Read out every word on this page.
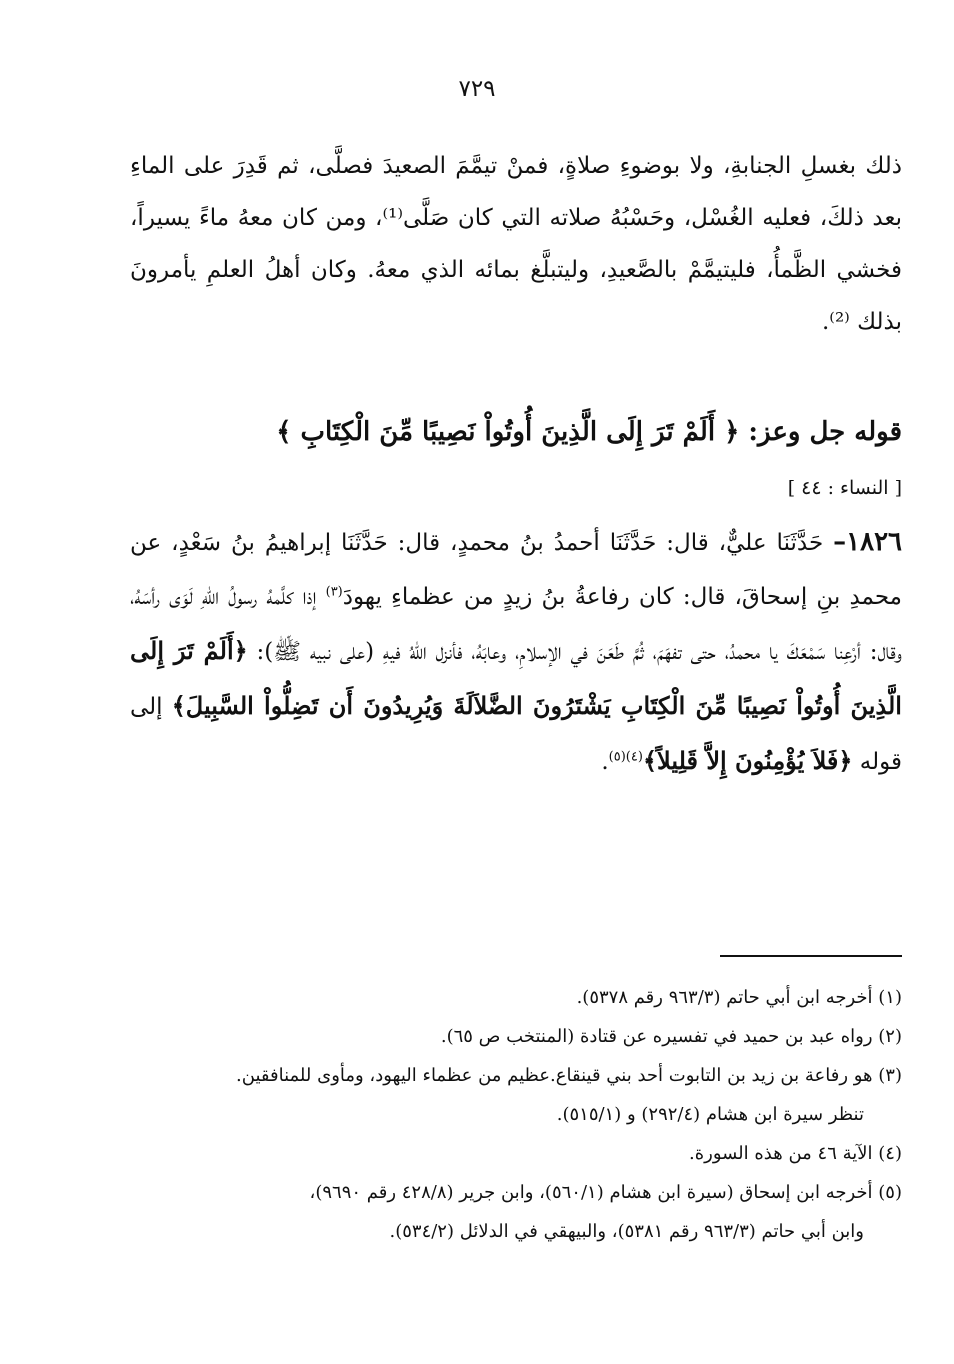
٧٢٩
ذلك بغسلِ الجنابةِ، ولا بوضوءِ صلاةٍ، فمنْ تيمَّمَ الصعيدَ فصلَّى، ثم قَدِرَ على الماءِ بعد ذلكَ، فعليه الغُسْل، وحَسْبُهُ صلاته التي كان صَلَّى⁽¹⁾، ومن كان معهُ ماءً يسيراً، فخشي الظَّمأُ، فليتيمَّمْ بالصَّعيدِ، وليتبلَّغ بمائه الذي معهُ. وكان أهلُ العلمِ يأمرونَ بذلك ⁽²⁾.
قوله جل وعز: ﴿ أَلَمْ تَرَ إِلَى الَّذِينَ أُوتُواْ نَصِيبًا مِّنَ الْكِتَابِ ﴾
[ النساء : ٤٤ ]
١٨٢٦– حَدَّثَنَا عليٌّ، قال: حَدَّثَنَا أحمدُ بنُ محمدٍ، قال: حَدَّثَنَا إبراهيمُ بنُ سَعْدٍ، عن محمدِ بنِ إسحاقَ، قال: كان رفاعةُ بنُ زيدٍ من عظماءِ يهودَ$^{(٣)}$ إذا كلَّمهُ رسولُ اللهِ لَوَى رأسَهُ، وقال: أرْعِنا سَمْعَكَ يا محمدُ، حتى تفهَمَ، ثُمَّ طَعَنَ في الإسلامِ، وعابَهُ، فأنزل اللهُ فيهِ (على نبيه ﷺ): ﴿أَلَمْ تَرَ إِلَى الَّذِينَ أُوتُواْ نَصِيبًا مِّنَ الْكِتَابِ يَشْتَرُونَ الضَّلاَلَةَ وَيُرِيدُونَ أَن تَضِلُّواْ السَّبِيلَ﴾ إلى قوله ﴿فَلاَ يُؤْمِنُونَ إِلاَّ قَلِيلاً﴾$^{(٤)(٥)}$.

(١) أخرجه ابن أبي حاتم (٩٦٣/٣ رقم ٥٣٧٨).

(٢) رواه عبد بن حميد في تفسيره عن قتادة (المنتخب ص ٦٥).

(٣) هو رفاعة بن زيد بن التابوت أحد بني قينقاع.عظيم من عظماء اليهود، ومأوى للمنافقين.

تنظر سيرة ابن هشام (٢٩٢/٤) و (٥١٥/١).

(٤) الآية ٤٦ من هذه السورة.

(٥) أخرجه ابن إسحاق (سيرة ابن هشام (٥٦٠/١)، وابن جرير (٤٢٨/٨ رقم ٩٦٩٠)،

وابن أبي حاتم (٩٦٣/٣ رقم ٥٣٨١)، والبيهقي في الدلائل (٥٣٤/٢).
